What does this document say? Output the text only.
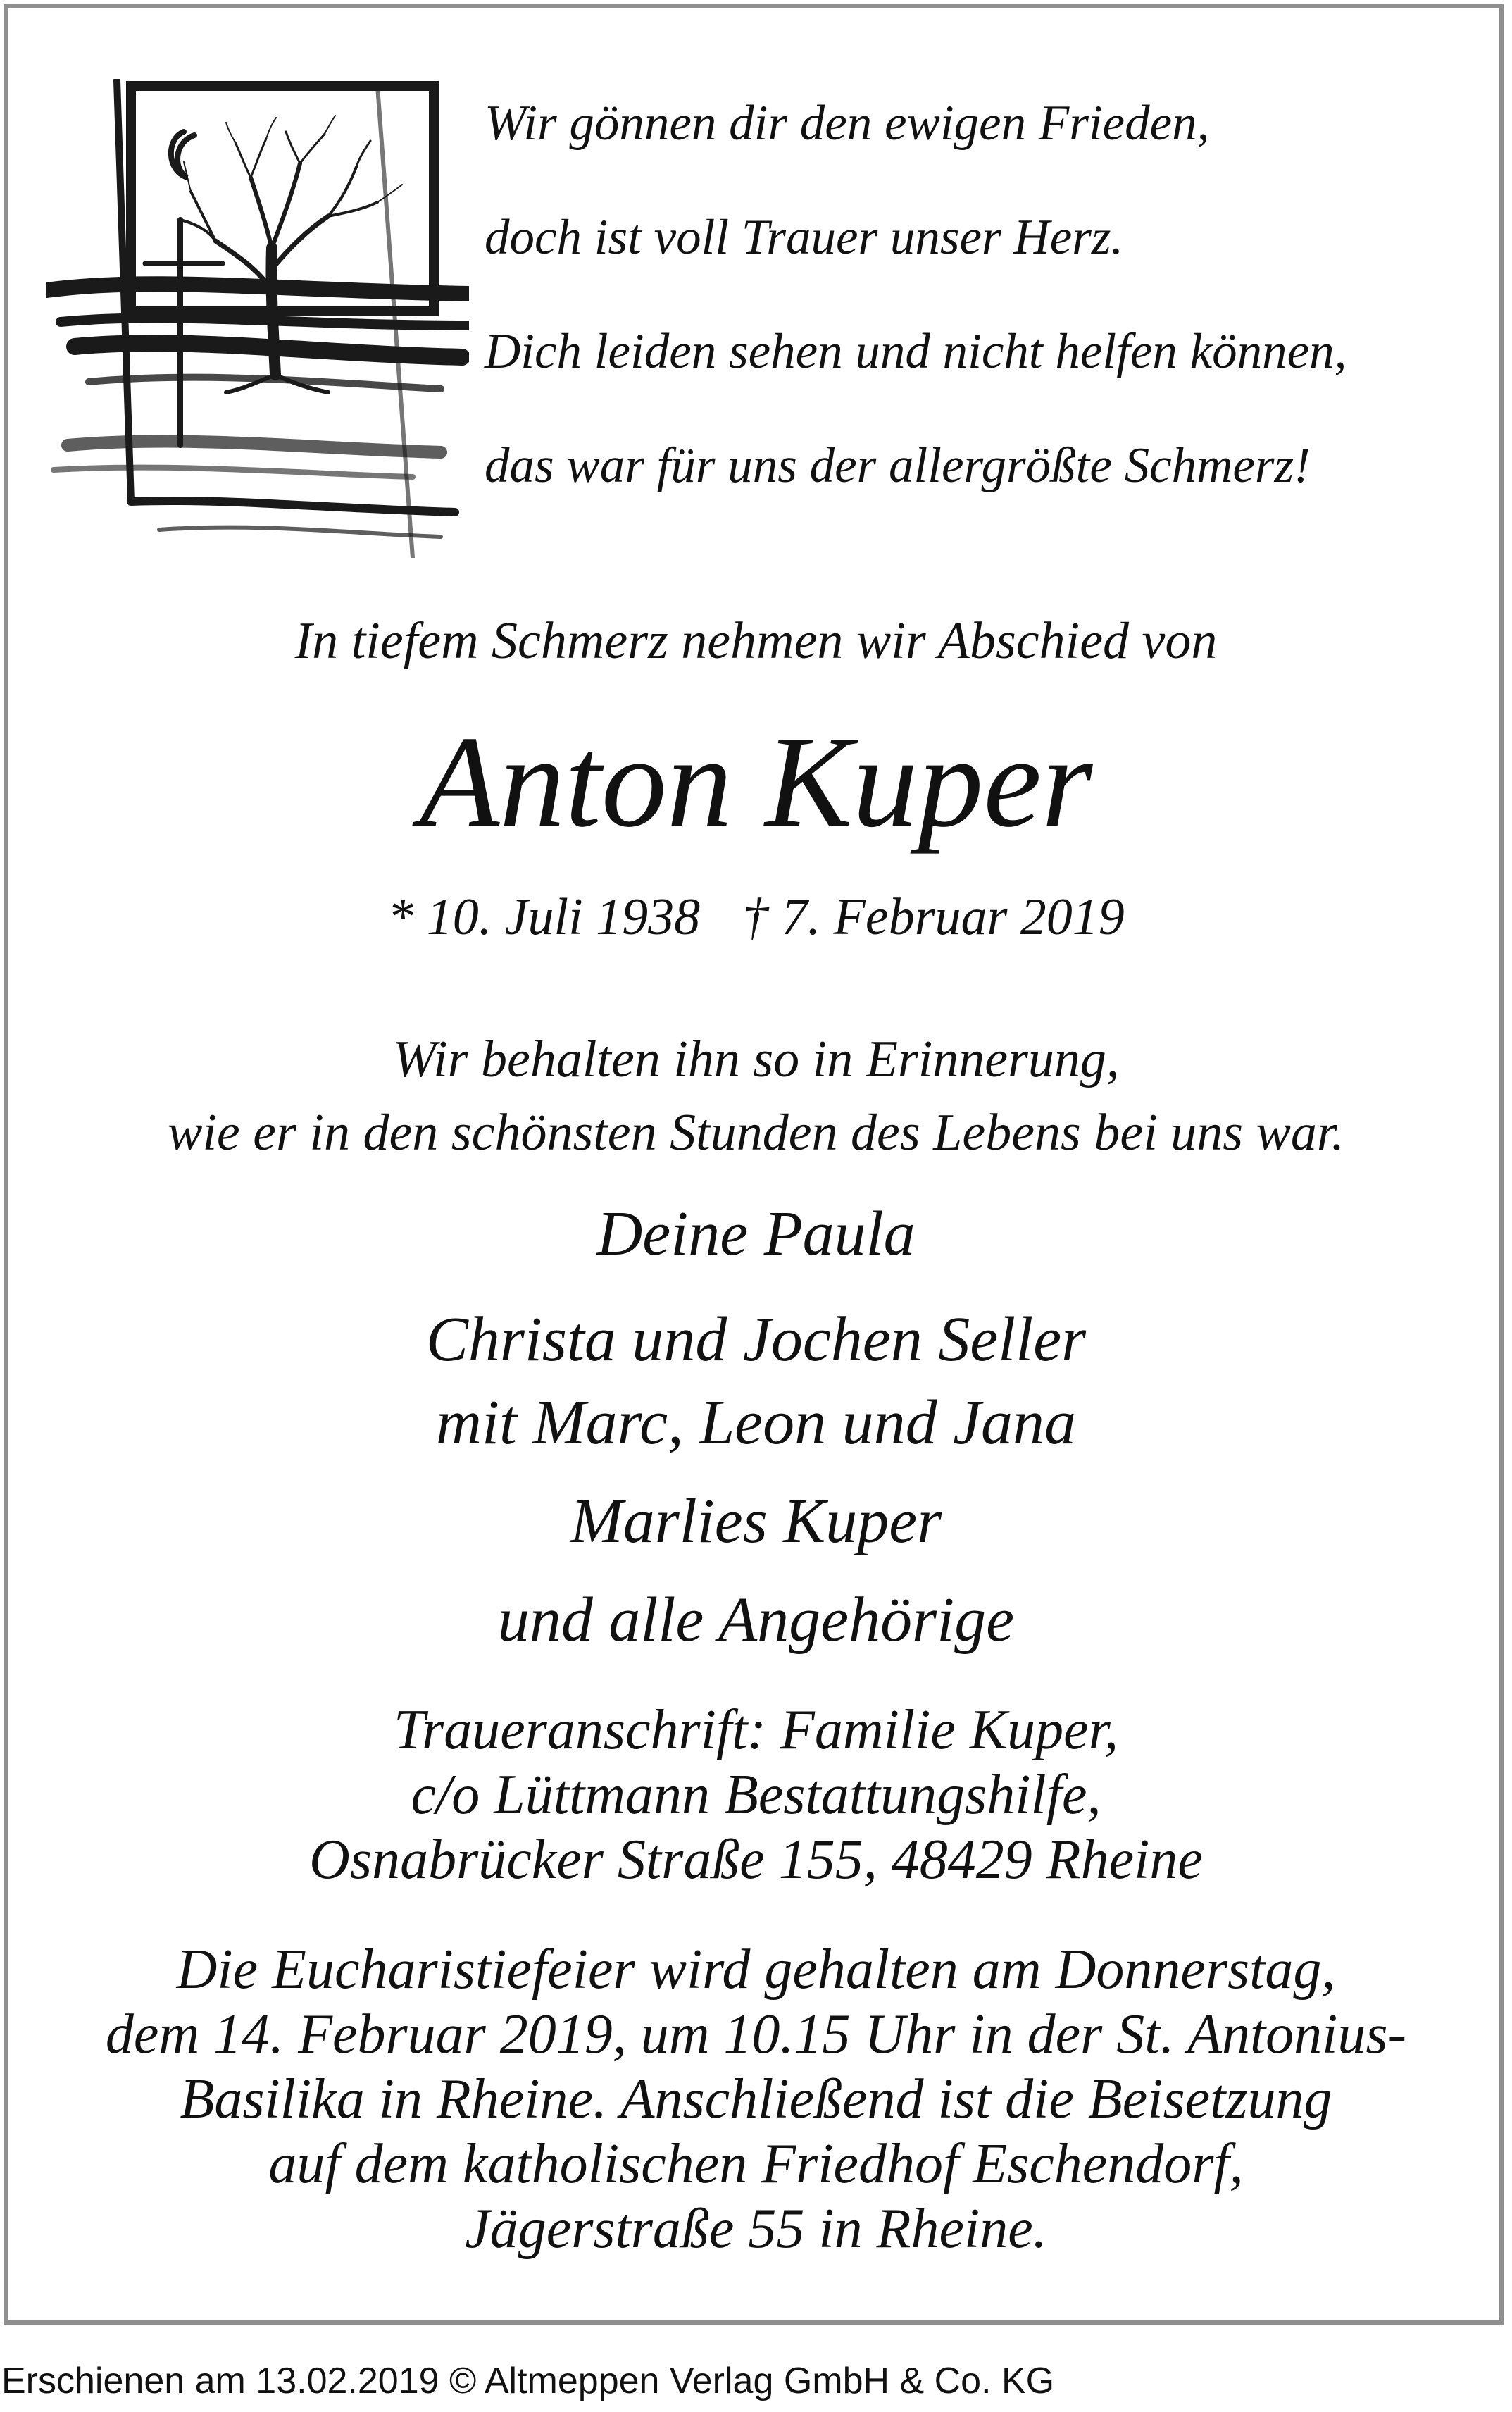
Wir gönnen dir den ewigen Frieden,
doch ist voll Trauer unser Herz.
Dich leiden sehen und nicht helfen können,
das war für uns der allergrößte Schmerz!
In tiefem Schmerz nehmen wir Abschied von
Anton Kuper
* 10. Juli 1938 † 7. Februar 2019
Wir behalten ihn so in Erinnerung,
wie er in den schönsten Stunden des Lebens bei uns war.
Deine Paula
Christa und Jochen Seller
mit Marc, Leon und Jana
Marlies Kuper
und alle Angehörige
Traueranschrift: Familie Kuper,
c/o Lüttmann Bestattungshilfe,
Osnabrücker Straße 155, 48429 Rheine
Die Eucharistiefeier wird gehalten am Donnerstag,
dem 14. Februar 2019, um 10.15 Uhr in der St. Antonius-
Basilika in Rheine. Anschließend ist die Beisetzung
auf dem katholischen Friedhof Eschendorf,
Jägerstraße 55 in Rheine.
Erschienen am 13.02.2019 © Altmeppen Verlag GmbH & Co. KG
